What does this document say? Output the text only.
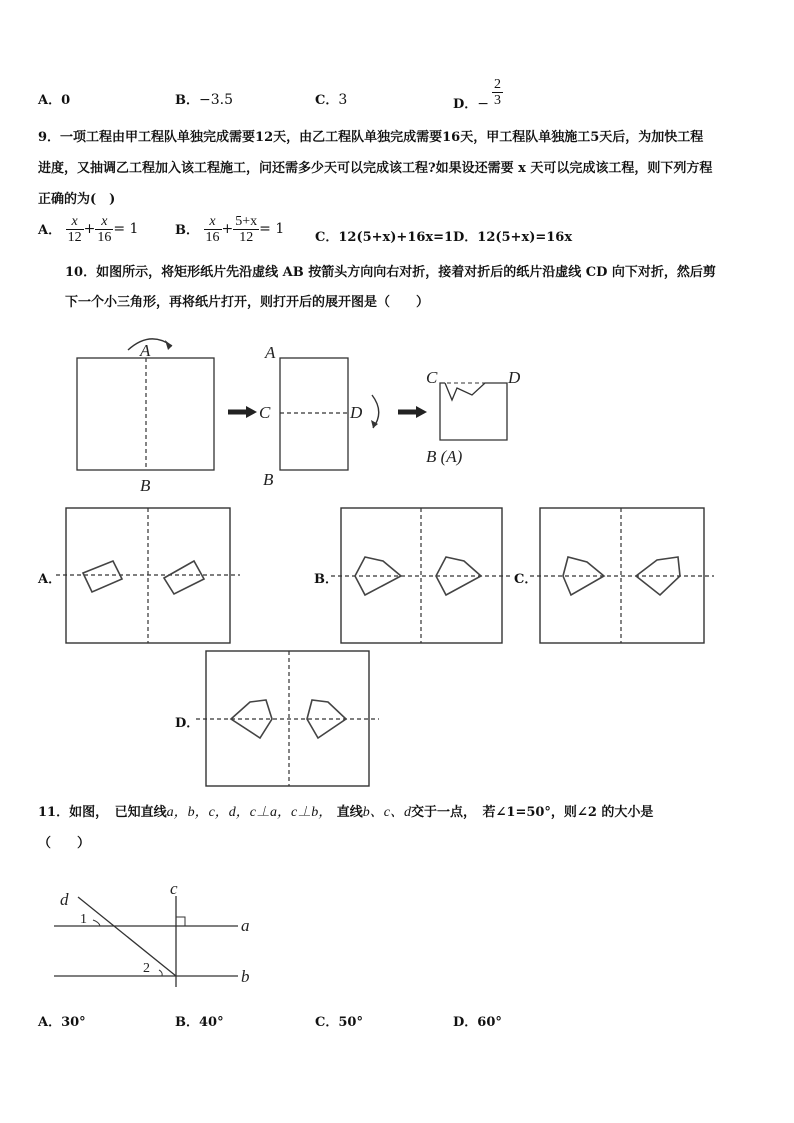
A．0	B．−3.5	C．3	D．− $\frac{2}{3}$
9．一项工程由甲工程队单独完成需要12天，由乙工程队单独完成需要16天，甲工程队单独施工5天后，为加快工程
进度，又抽调乙工程加入该工程施工，问还需多少天可以完成该工程?如果设还需要 x 天可以完成该工程，则下列方程
正确的为(　)
A． $\frac{x}{12} + \frac{x}{16} = 1$	B． $\frac{x}{16} + \frac{5+x}{12} = 1$
C．12(5+x)+16x=1 D．12(5+x)=16x
10．如图所示，将矩形纸片先沿虚线 AB 按箭头方向向右对折，接着对折后的纸片沿虚线 CD 向下对折，然后剪
下一个小三角形，再将纸片打开，则打开后的展开图是（　　）
A
B
A
C	D
B
C	D
B (A)
A．	B．	C．
D．
11．如图，　已知直线a，b，c，d，c⊥a，c⊥b， 直线b、c、d交于一点，　若∠1=50°，则∠2 的大小是
（　　）
d
c
a
b
1
2
A．30°	B．40°	C．50°	D．60°
